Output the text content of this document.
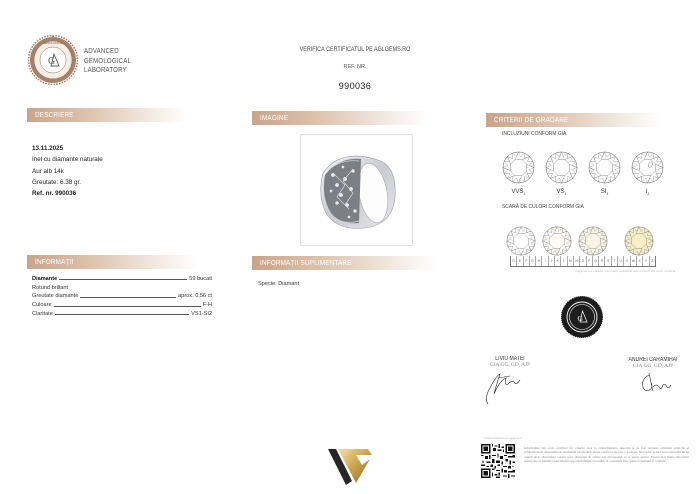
G
GEMOLOGICAL
•
ADVANCED
GEMOLOGICAL
LABORATORY
VERIFICĂ CERTIFICATUL PE AGLGEMS.RO
REF. NR.
990036
DESCRIERE
13.11.2025
Inel cu diamante naturale
Aur alb 14k
Greutate: 6.38 gr.
Ref. nr. 990036
INFORMAȚII
Diamante	59 bucati
Rotund briliant
Greutate diamante	aprox. 0.56 ct
Culoare	F-H
Claritate	VS1-SI2
IMAGINE
INFORMAȚII SUPLIMENTARE
Specie: Diamant
CRITERII DE GRADARE
INCLUZIUNI CONFORM GIA
$VVS_1$	$VS_1$	$SI_2$	$I_2$
SCARĂ DE CULORI CONFORM GIA
D	E	F	G	H	I	J	K	L	M	N	O	P	Q	R	S	T	U	V	W	X	Y	Z
Imaginea are caracter informativ, aplicabilă doar pietrelor din acest certificat
G
LIVIU MATEI
GIA GG, GD, AJP
ANDREI CARAMIHAI
GIA GG, GD, AJP
Verifică validitatea pe aglgems.ro
Informațiile din acest certificat fac referire doar la piatra/bijuteria descrisă și au fost obținute utilizând tehnicile și echipamentele disponibile în momentul examinării. Acest certificat nu este o garanție. Nici AGL și nici personalul său nu își asumă nicio răspundere pentru orice diferență de opinie sau discrepanță ce ar putea apărea. Pentru mai multe informații referitoare la limitări și declinarea responsabilității, vă rugăm să consultați AGLgems.ro/termeni și condiții.
